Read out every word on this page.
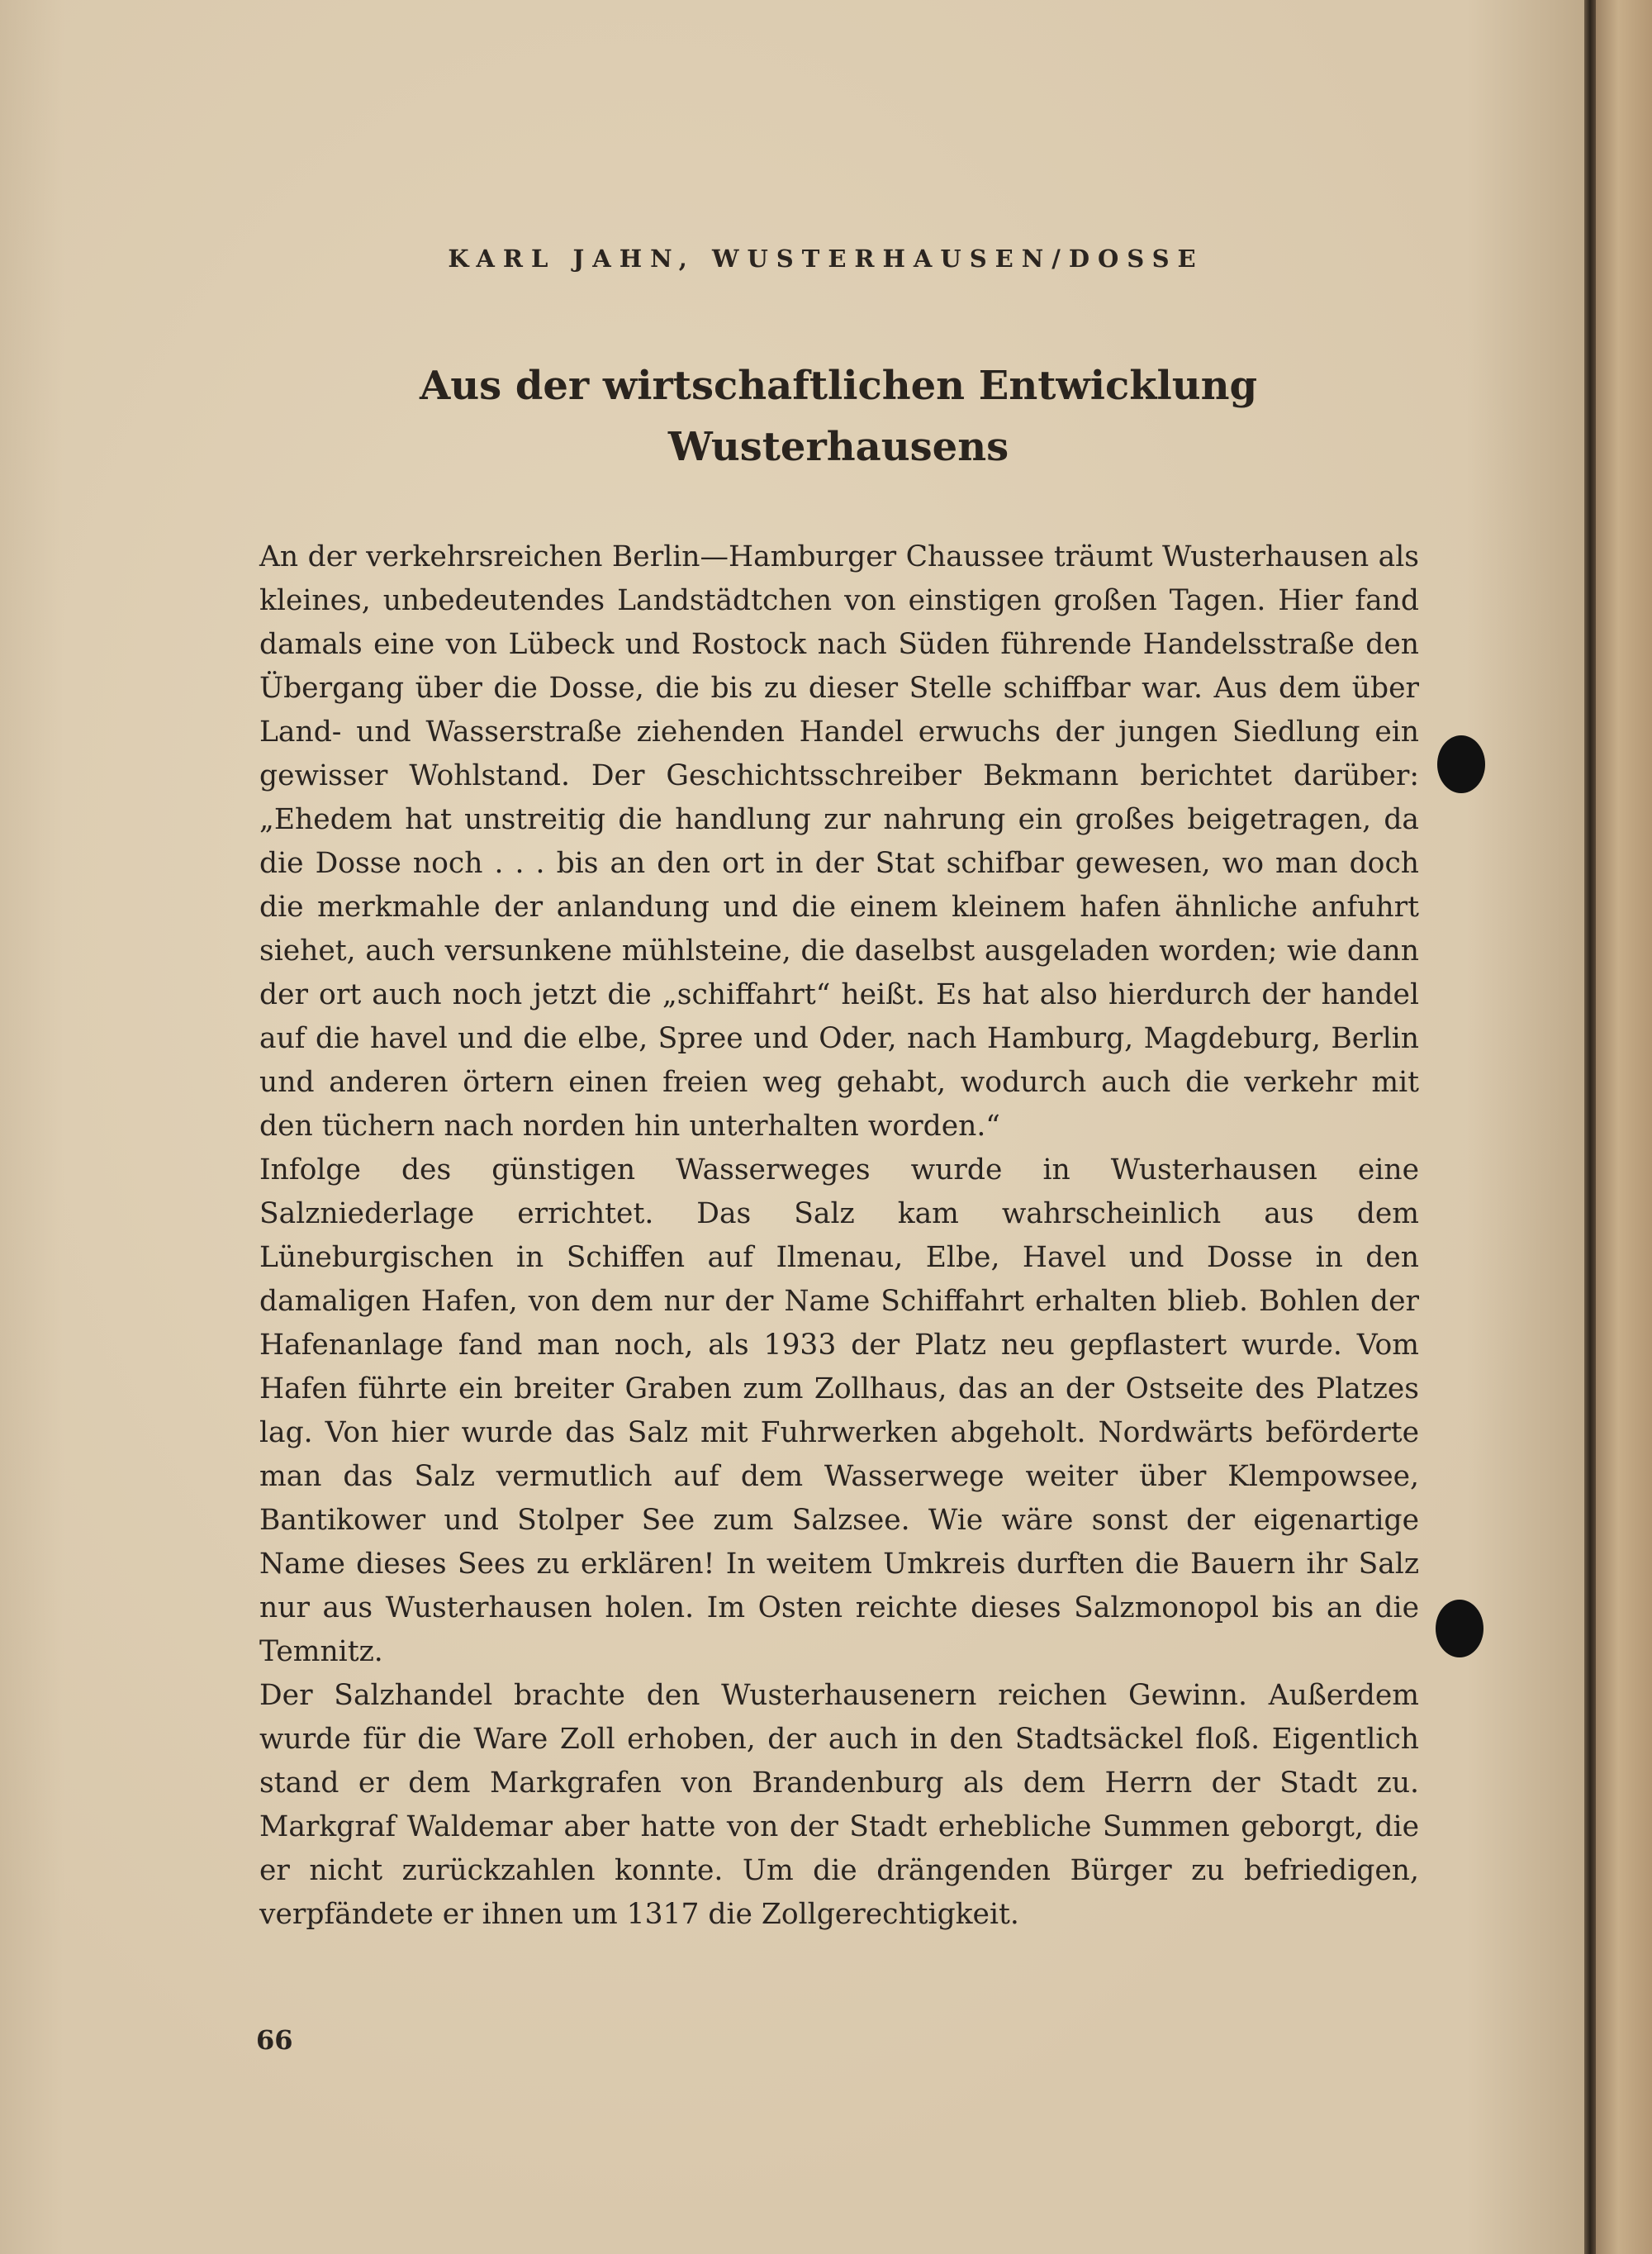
KARL JAHN, WUSTERHAUSEN/DOSSE
Aus der wirtschaftlichen Entwicklung
Wusterhausens

An der verkehrsreichen Berlin—Hamburger Chaussee träumt Wusterhausen als kleines, unbedeutendes Landstädtchen von einstigen großen Tagen. Hier fand damals eine von Lübeck und Rostock nach Süden führende Handelsstraße den Übergang über die Dosse, die bis zu dieser Stelle schiffbar war. Aus dem über Land- und Wasserstraße ziehenden Handel erwuchs der jungen Siedlung ein gewisser Wohlstand. Der Geschichtsschreiber Bekmann berichtet darüber: „Ehedem hat unstreitig die handlung zur nahrung ein großes beigetragen, da die Dosse noch . . . bis an den ort in der Stat schifbar gewesen, wo man doch die merkmahle der anlandung und die einem kleinem hafen ähnliche anfuhrt siehet, auch versunkene mühlsteine, die daselbst ausgeladen worden; wie dann der ort auch noch jetzt die „schiffahrt“ heißt. Es hat also hierdurch der handel auf die havel und die elbe, Spree und Oder, nach Hamburg, Magdeburg, Berlin und anderen örtern einen freien weg gehabt, wodurch auch die verkehr mit den tüchern nach norden hin unterhalten worden.“

Infolge des günstigen Wasserweges wurde in Wusterhausen eine Salzniederlage errichtet. Das Salz kam wahrscheinlich aus dem Lüneburgischen in Schiffen auf Ilmenau, Elbe, Havel und Dosse in den damaligen Hafen, von dem nur der Name Schiffahrt erhalten blieb. Bohlen der Hafenanlage fand man noch, als 1933 der Platz neu gepflastert wurde. Vom Hafen führte ein breiter Graben zum Zollhaus, das an der Ostseite des Platzes lag. Von hier wurde das Salz mit Fuhrwerken abgeholt. Nordwärts beförderte man das Salz vermutlich auf dem Wasserwege weiter über Klempowsee, Bantikower und Stolper See zum Salzsee. Wie wäre sonst der eigenartige Name dieses Sees zu erklären! In weitem Umkreis durften die Bauern ihr Salz nur aus Wusterhausen holen. Im Osten reichte dieses Salzmonopol bis an die Temnitz.

Der Salzhandel brachte den Wusterhausenern reichen Gewinn. Außerdem wurde für die Ware Zoll erhoben, der auch in den Stadtsäckel floß. Eigentlich stand er dem Markgrafen von Brandenburg als dem Herrn der Stadt zu. Markgraf Waldemar aber hatte von der Stadt erhebliche Summen geborgt, die er nicht zurückzahlen konnte. Um die drängenden Bürger zu befriedigen, verpfändete er ihnen um 1317 die Zollgerechtigkeit.

66
